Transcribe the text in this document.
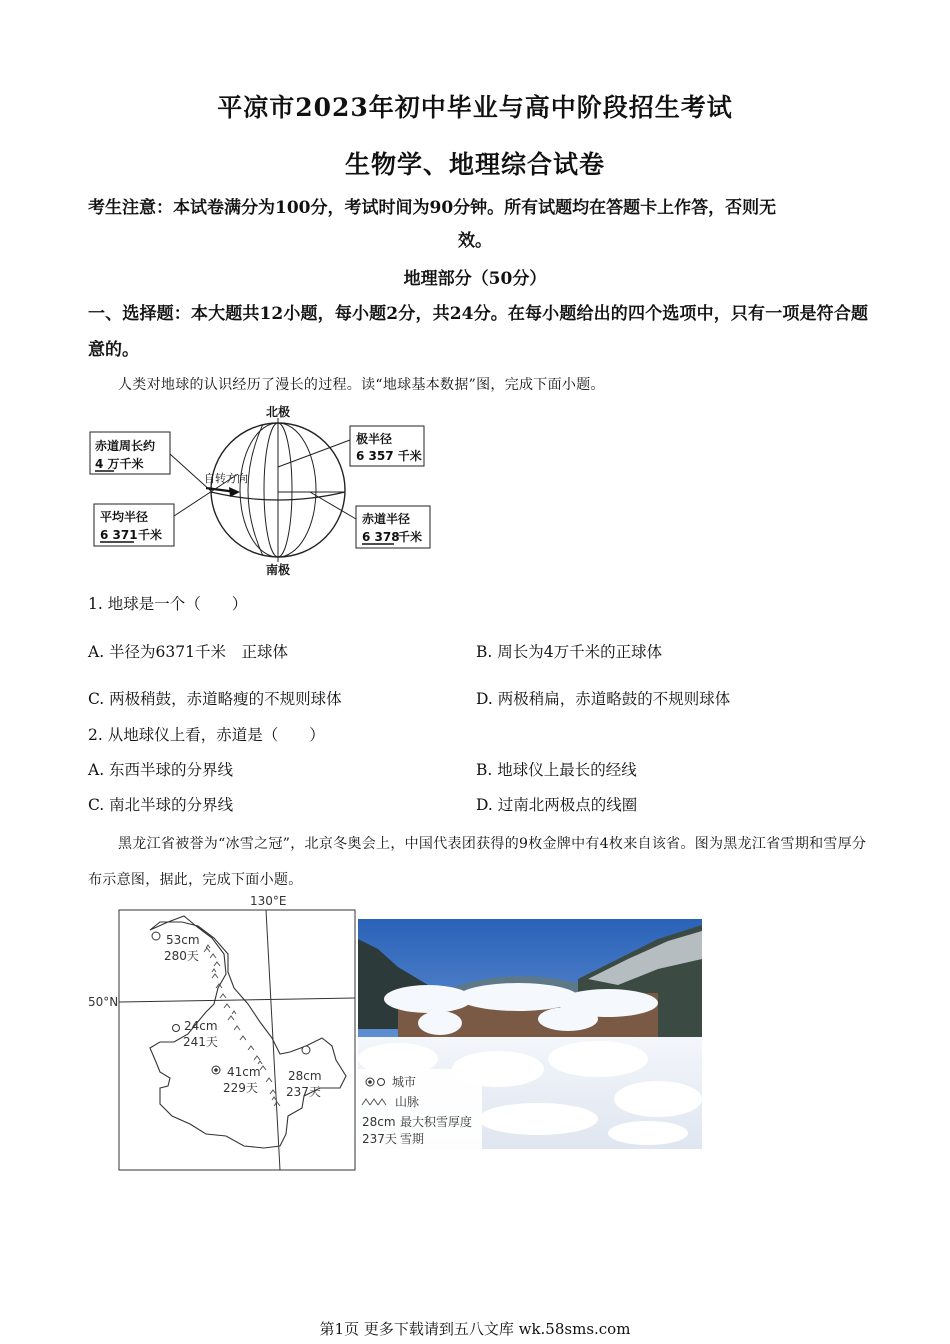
平凉市2023年初中毕业与高中阶段招生考试
生物学、地理综合试卷
考生注意：本试卷满分为100分，考试时间为90分钟。所有试题均在答题卡上作答，否则无
效。
地理部分（50分）
一、选择题：本大题共12小题，每小题2分，共24分。在每小题给出的四个选项中，只有一项是符合题意的。
人类对地球的认识经历了漫长的过程。读“地球基本数据”图，完成下面小题。
自转方向
北极
南极
赤道周长约
4 万千米
极半径
6 357 千米
平均半径
6 371 千米
赤道半径
6 378
千米
1. 地球是一个（　　）
A. 半径为6371千米　正球体	B. 周长为4万千米的正球体
C. 两极稍鼓，赤道略瘦的不规则球体	D. 两极稍扁，赤道略鼓的不规则球体
2. 从地球仪上看，赤道是（　　）
A. 东西半球的分界线	B. 地球仪上最长的经线
C. 南北半球的分界线	D. 过南北两极点的线圈
黑龙江省被誉为“冰雪之冠”，北京冬奥会上，中国代表团获得的9枚金牌中有4枚来自该省。图为黑龙江省雪期和雪厚分布示意图，据此，完成下面小题。
130°E
50°N
53cm
280天
24cm
241天
41cm
229天
28cm
237天
城市
山脉
28cm 最大积雪厚度
237天 雪期
第1页 更多下载请到五八文库 wk.58sms.com
